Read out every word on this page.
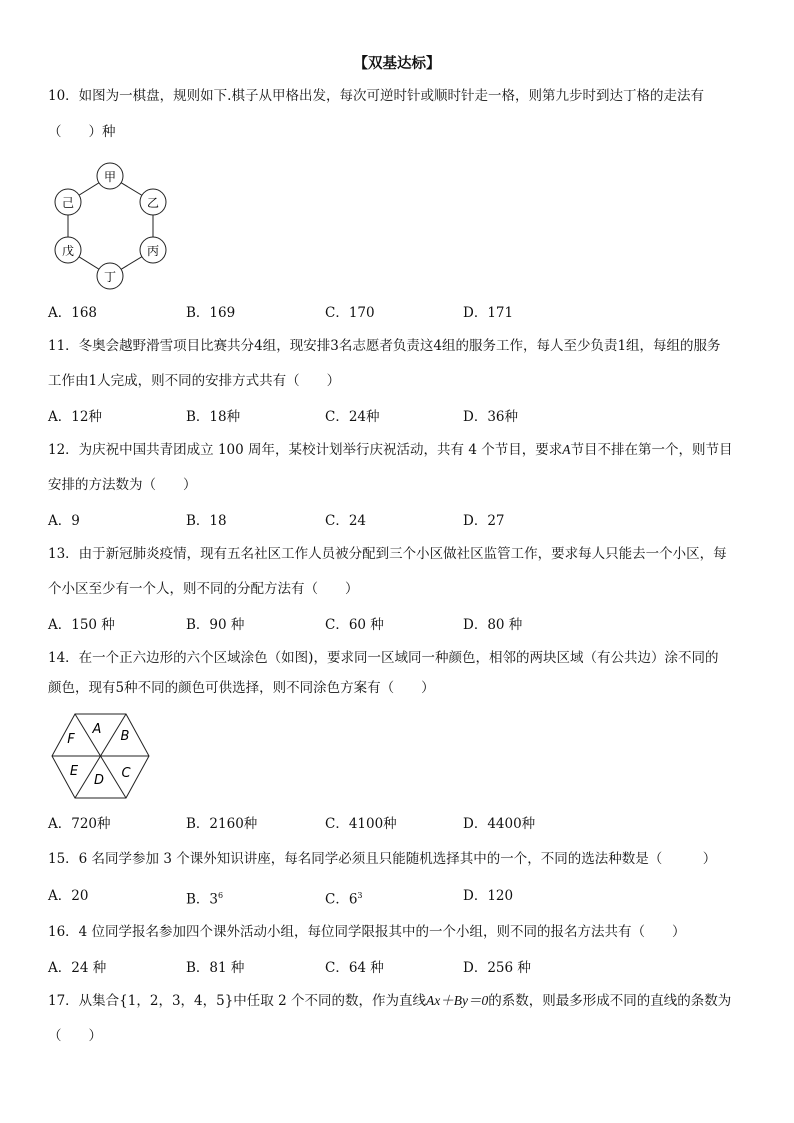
【双基达标】
10．如图为一棋盘，规则如下.棋子从甲格出发，每次可逆时针或顺时针走一格，则第九步时到达丁格的走法有
（　　）种
甲
乙
丙
丁
戊
己
A．168	B．169	C．170	D．171
11．冬奥会越野滑雪项目比赛共分4组，现安排3名志愿者负责这4组的服务工作，每人至少负责1组，每组的服务
工作由1人完成，则不同的安排方式共有（　　）
A．12种	B．18种	C．24种	D．36种
12．为庆祝中国共青团成立 100 周年，某校计划举行庆祝活动，共有 4 个节目，要求A节目不排在第一个，则节目
安排的方法数为（　　）
A．9	B．18	C．24	D．27
13．由于新冠肺炎疫情，现有五名社区工作人员被分配到三个小区做社区监管工作，要求每人只能去一个小区，每
个小区至少有一个人，则不同的分配方法有（　　）
A．150 种	B．90 种	C．60 种	D．80 种
14．在一个正六边形的六个区域涂色（如图)，要求同一区域同一种颜色，相邻的两块区域（有公共边）涂不同的
颜色，现有5种不同的颜色可供选择，则不同涂色方案有（　　）
A B
C
D
E
F
A．720种	B．2160种	C．4100种	D．4400种
15．6 名同学参加 3 个课外知识讲座，每名同学必须且只能随机选择其中的一个，不同的选法种数是（　　　）
A．20	B．$3^6$	C．$6^3$	D．120
16．4 位同学报名参加四个课外活动小组，每位同学限报其中的一个小组，则不同的报名方法共有（　　）
A．24 种	B．81 种	C．64 种	D．256 种
17．从集合{1，2，3，4，5}中任取 2 个不同的数，作为直线Ax＋By＝0的系数，则最多形成不同的直线的条数为
（　　）
